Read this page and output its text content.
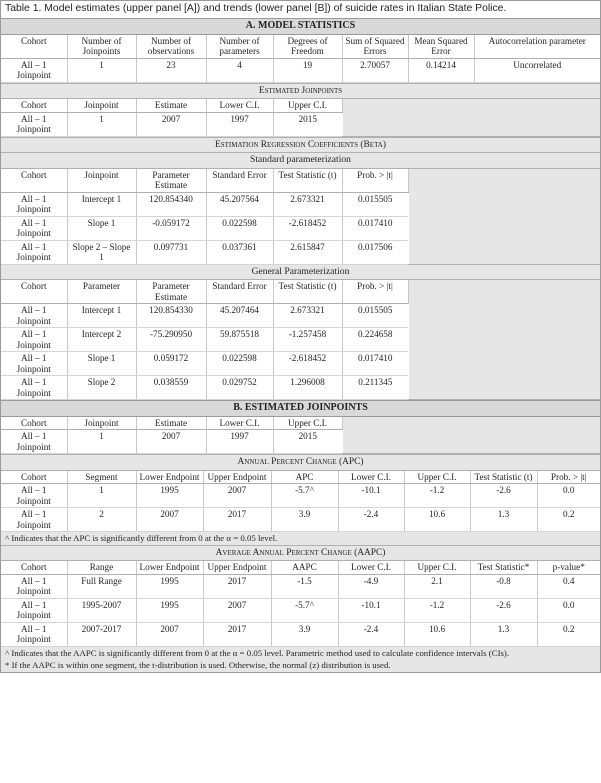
Table 1. Model estimates (upper panel [A]) and trends (lower panel [B]) of suicide rates in Italian State Police.
A. MODEL STATISTICS							
Cohort	Number of Joinpoints	Number of observations	Number of parameters	Degrees of Freedom	Sum of Squared Errors	Mean Squared Error	Autocorrelation parameter
All – 1 Joinpoint	1	23	4	19	2.70057	0.14214	Uncorrelated
Estimated Joinpoints					
Cohort	Joinpoint	Estimate	Lower C.I.	Upper C.I.	
All – 1 Joinpoint	1	2007	1997	2015	
Estimation Regression Coefficients (Beta)						
Standard parameterization						
Cohort	Joinpoint	Parameter Estimate	Standard Error	Test Statistic (t)	Prob. > |t|	
All – 1 Joinpoint	Intercept 1	120.854340	45.207564	2.673321	0.015505	
All – 1 Joinpoint	Slope 1	-0.059172	0.022598	-2.618452	0.017410	
All – 1 Joinpoint	Slope 2 – Slope 1	0.097731	0.037361	2.615847	0.017506	
General Parameterization						
Cohort	Parameter	Parameter Estimate	Standard Error	Test Statistic (t)	Prob. > |t|	
All – 1 Joinpoint	Intercept 1	120.854330	45.207464	2.673321	0.015505	
All – 1 Joinpoint	Intercept 2	-75.290950	59.875518	-1.257458	0.224658	
All – 1 Joinpoint	Slope 1	0.059172	0.022598	-2.618452	0.017410	
All – 1 Joinpoint	Slope 2	0.038559	0.029752	1.296008	0.211345	
B. ESTIMATED JOINPOINTS					
Cohort	Joinpoint	Estimate	Lower C.I.	Upper C.I.	
All – 1 Joinpoint	1	2007	1997	2015	
Annual Percent Change (APC)								
Cohort	Segment	Lower Endpoint	Upper Endpoint	APC	Lower C.I.	Upper C.I.	Test Statistic (t)	Prob. > |t|
All – 1 Joinpoint	1	1995	2007	-5.7^	-10.1	-1.2	-2.6	0.0
All – 1 Joinpoint	2	2007	2017	3.9	-2.4	10.6	1.3	0.2
^ Indicates that the APC is significantly different from 0 at the α = 0.05 level.								
Average Annual Percent Change (AAPC)								
Cohort	Range	Lower Endpoint	Upper Endpoint	AAPC	Lower C.I.	Upper C.I.	Test Statistic*	p-value*
All – 1 Joinpoint	Full Range	1995	2017	-1.5	-4.9	2.1	-0.8	0.4
All – 1 Joinpoint	1995-2007	1995	2007	-5.7^	-10.1	-1.2	-2.6	0.0
All – 1 Joinpoint	2007-2017	2007	2017	3.9	-2.4	10.6	1.3	0.2
^ Indicates that the AAPC is significantly different from 0 at the α = 0.05 level. Parametric method used to calculate confidence intervals (CIs).								
* If the AAPC is within one segment, the t-distribution is used. Otherwise, the normal (z) distribution is used.								
